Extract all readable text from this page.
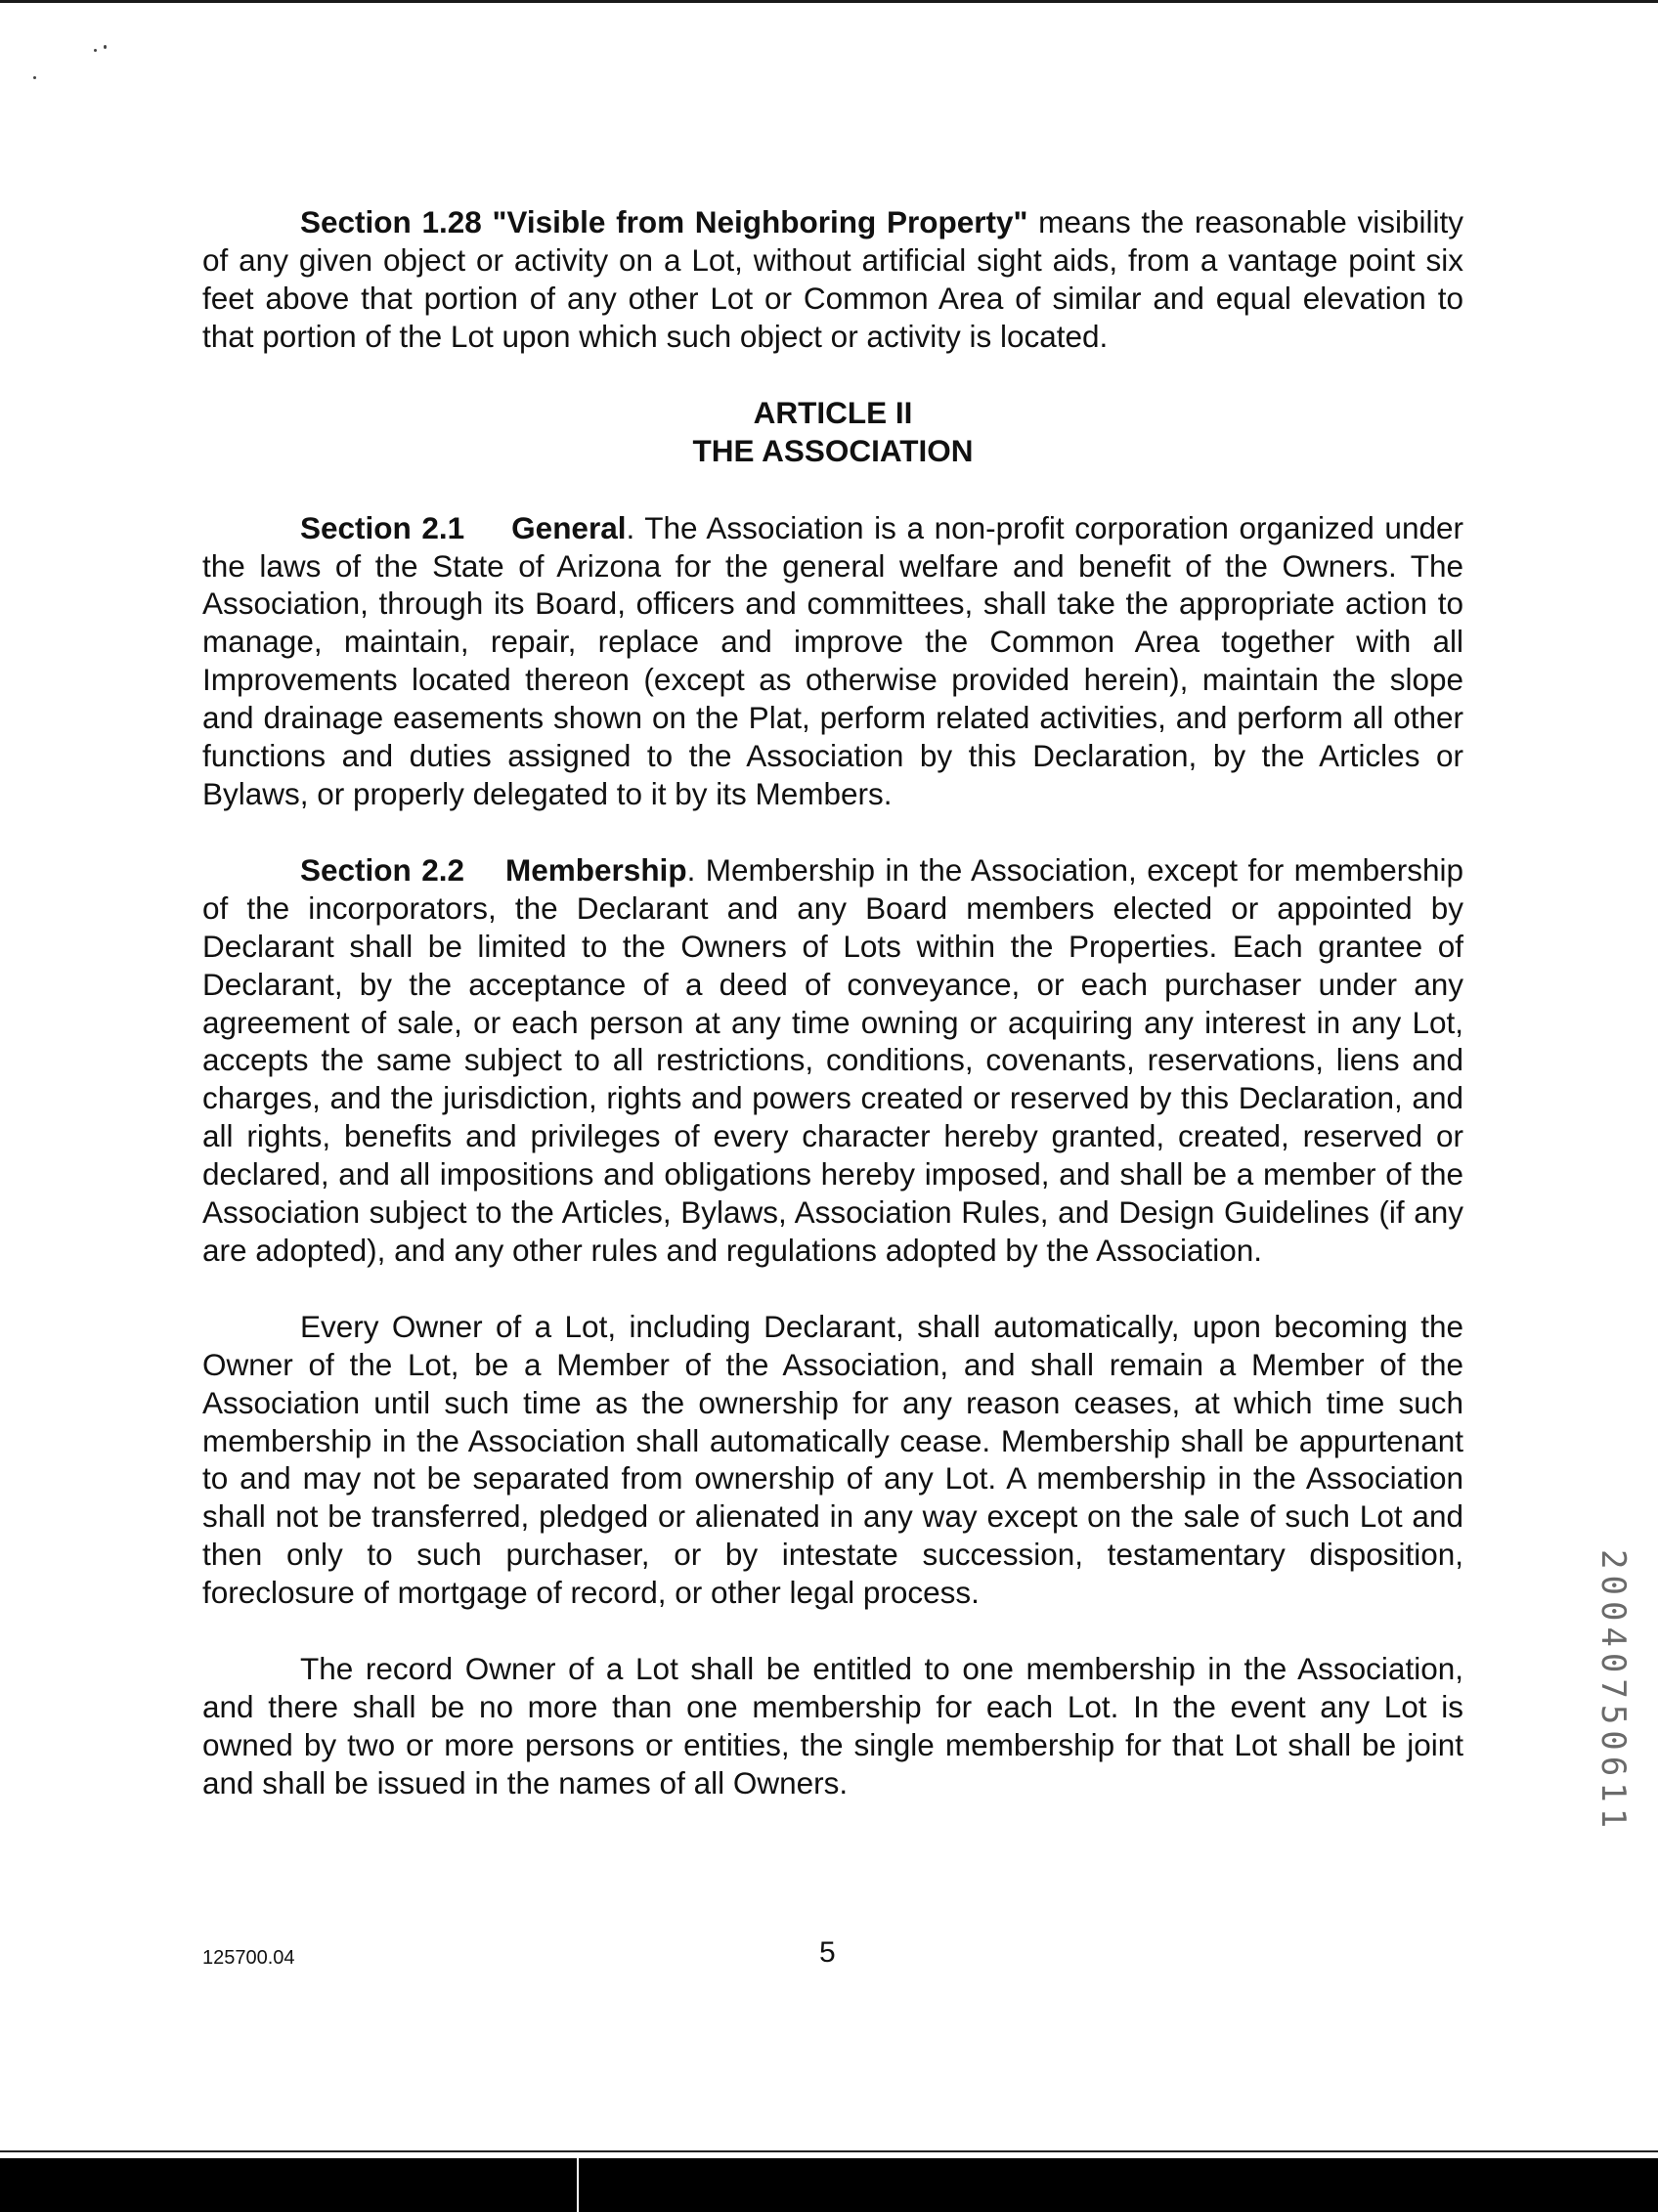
Section 1.28 "Visible from Neighboring Property" means the reasonable visibility of any given object or activity on a Lot, without artificial sight aids, from a vantage point six feet above that portion of any other Lot or Common Area of similar and equal elevation to that portion of the Lot upon which such object or activity is located.

ARTICLE II
THE ASSOCIATION

Section 2.1 General. The Association is a non-profit corporation organized under the laws of the State of Arizona for the general welfare and benefit of the Owners. The Association, through its Board, officers and committees, shall take the appropriate action to manage, maintain, repair, replace and improve the Common Area together with all Improvements located thereon (except as otherwise provided herein), maintain the slope and drainage easements shown on the Plat, perform related activities, and perform all other functions and duties assigned to the Association by this Declaration, by the Articles or Bylaws, or properly delegated to it by its Members.

Section 2.2 Membership. Membership in the Association, except for membership of the incorporators, the Declarant and any Board members elected or appointed by Declarant shall be limited to the Owners of Lots within the Properties. Each grantee of Declarant, by the acceptance of a deed of conveyance, or each purchaser under any agreement of sale, or each person at any time owning or acquiring any interest in any Lot, accepts the same subject to all restrictions, conditions, covenants, reservations, liens and charges, and the jurisdiction, rights and powers created or reserved by this Declaration, and all rights, benefits and privileges of every character hereby granted, created, reserved or declared, and all impositions and obligations hereby imposed, and shall be a member of the Association subject to the Articles, Bylaws, Association Rules, and Design Guidelines (if any are adopted), and any other rules and regulations adopted by the Association.

Every Owner of a Lot, including Declarant, shall automatically, upon becoming the Owner of the Lot, be a Member of the Association, and shall remain a Member of the Association until such time as the ownership for any reason ceases, at which time such membership in the Association shall automatically cease. Membership shall be appurtenant to and may not be separated from ownership of any Lot. A membership in the Association shall not be transferred, pledged or alienated in any way except on the sale of such Lot and then only to such purchaser, or by intestate succession, testamentary disposition, foreclosure of mortgage of record, or other legal process.

The record Owner of a Lot shall be entitled to one membership in the Association, and there shall be no more than one membership for each Lot. In the event any Lot is owned by two or more persons or entities, the single membership for that Lot shall be joint and shall be issued in the names of all Owners.

125700.04	5
20040750611
